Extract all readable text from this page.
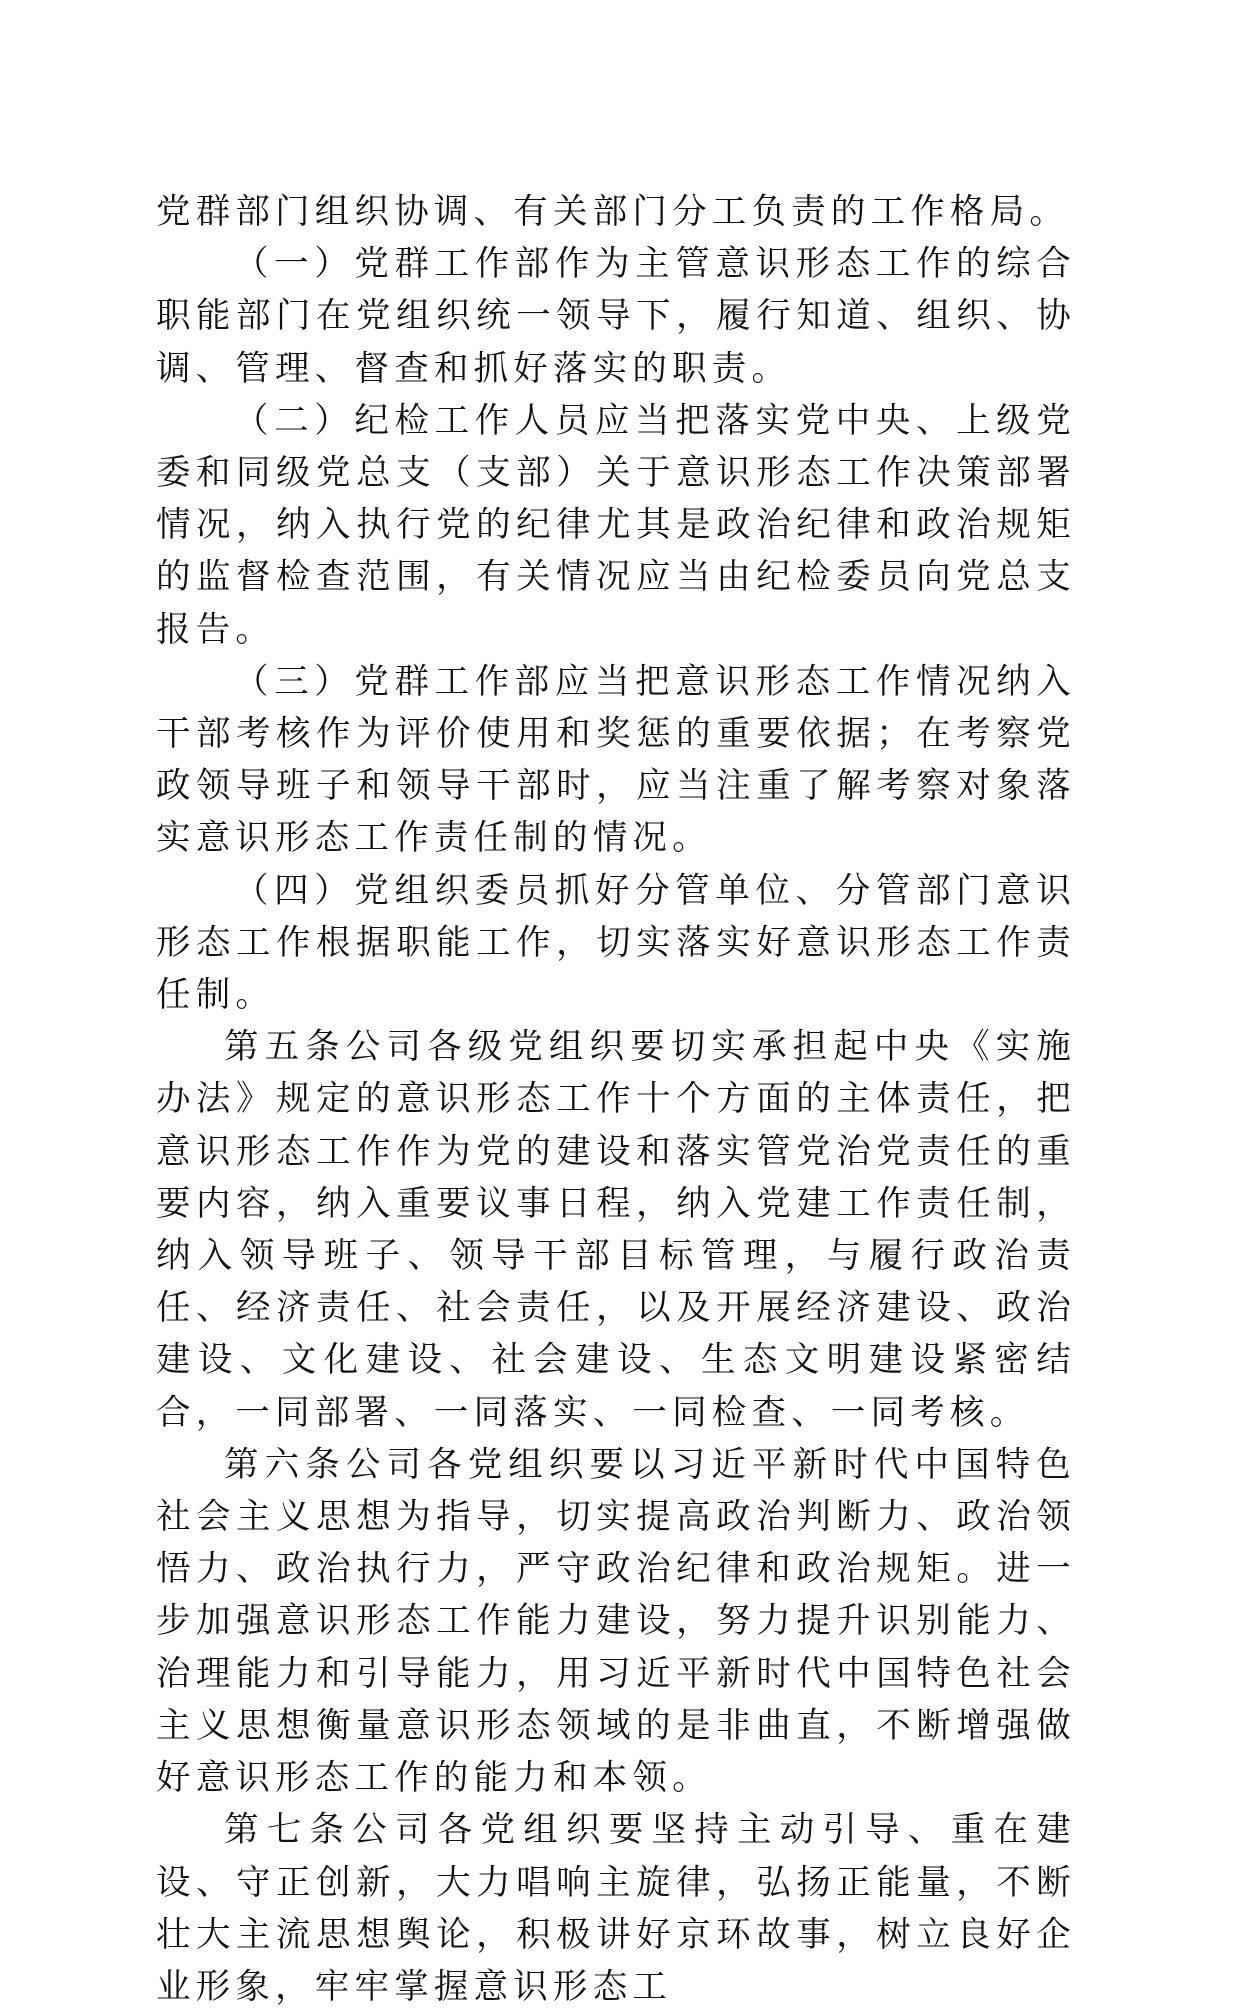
党群部门组织协调、有关部门分工负责的工作格局。

（一）党群工作部作为主管意识形态工作的综合职能部门在党组织统一领导下，履行知道、组织、协调、管理、督查和抓好落实的职责。

（二）纪检工作人员应当把落实党中央、上级党委和同级党总支（支部）关于意识形态工作决策部署情况，纳入执行党的纪律尤其是政治纪律和政治规矩的监督检查范围，有关情况应当由纪检委员向党总支报告。

（三）党群工作部应当把意识形态工作情况纳入干部考核作为评价使用和奖惩的重要依据；在考察党政领导班子和领导干部时，应当注重了解考察对象落实意识形态工作责任制的情况。

（四）党组织委员抓好分管单位、分管部门意识形态工作根据职能工作，切实落实好意识形态工作责任制。

第五条公司各级党组织要切实承担起中央《实施办法》规定的意识形态工作十个方面的主体责任，把意识形态工作作为党的建设和落实管党治党责任的重要内容，纳入重要议事日程，纳入党建工作责任制，纳入领导班子、领导干部目标管理，与履行政治责任、经济责任、社会责任，以及开展经济建设、政治建设、文化建设、社会建设、生态文明建设紧密结合，一同部署、一同落实、一同检查、一同考核。

第六条公司各党组织要以习近平新时代中国特色社会主义思想为指导，切实提高政治判断力、政治领悟力、政治执行力，严守政治纪律和政治规矩。进一步加强意识形态工作能力建设，努力提升识别能力、治理能力和引导能力，用习近平新时代中国特色社会主义思想衡量意识形态领域的是非曲直，不断增强做好意识形态工作的能力和本领。

第七条公司各党组织要坚持主动引导、重在建设、守正创新，大力唱响主旋律，弘扬正能量，不断壮大主流思想舆论，积极讲好京环故事，树立良好企业形象，牢牢掌握意识形态工
